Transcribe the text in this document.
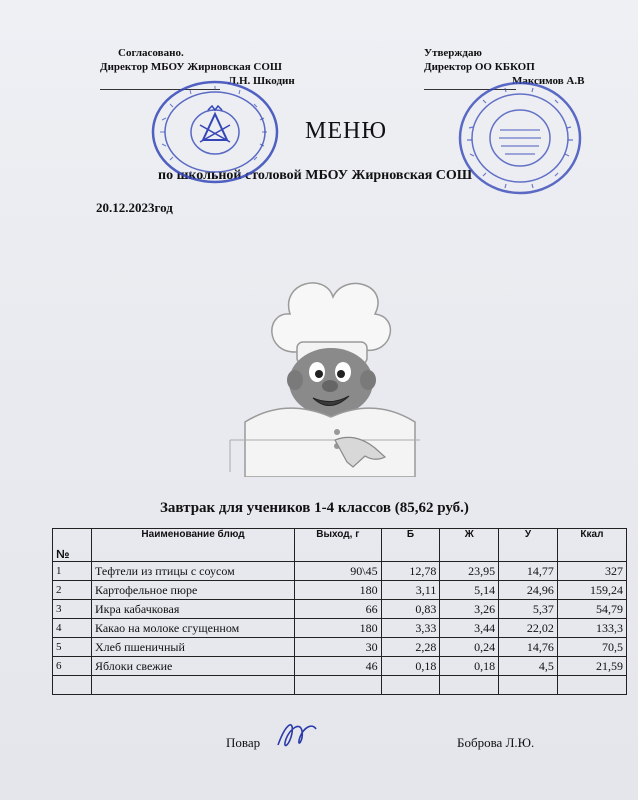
Согласовано.
Директор МБОУ Жирновская СОШ
Л.Н. Шкодин
Утверждаю
Директор ОО КБКОП
Максимов А.В
МЕНЮ
по школьной столовой МБОУ Жирновская СОШ
20.12.2023год
Завтрак для учеников 1-4 классов (85,62 руб.)
№	Наименование блюд	Выход, г	Б	Ж	У	Ккал
1	Тефтели из птицы с соусом	90\45	12,78	23,95	14,77	327
2	Картофельное пюре	180	3,11	5,14	24,96	159,24
3	Икра кабачковая	66	0,83	3,26	5,37	54,79
4	Какао на молоке сгущенном	180	3,33	3,44	22,02	133,3
5	Хлеб пшеничный	30	2,28	0,24	14,76	70,5
6	Яблоки свежие	46	0,18	0,18	4,5	21,59

Повар	Боброва Л.Ю.
